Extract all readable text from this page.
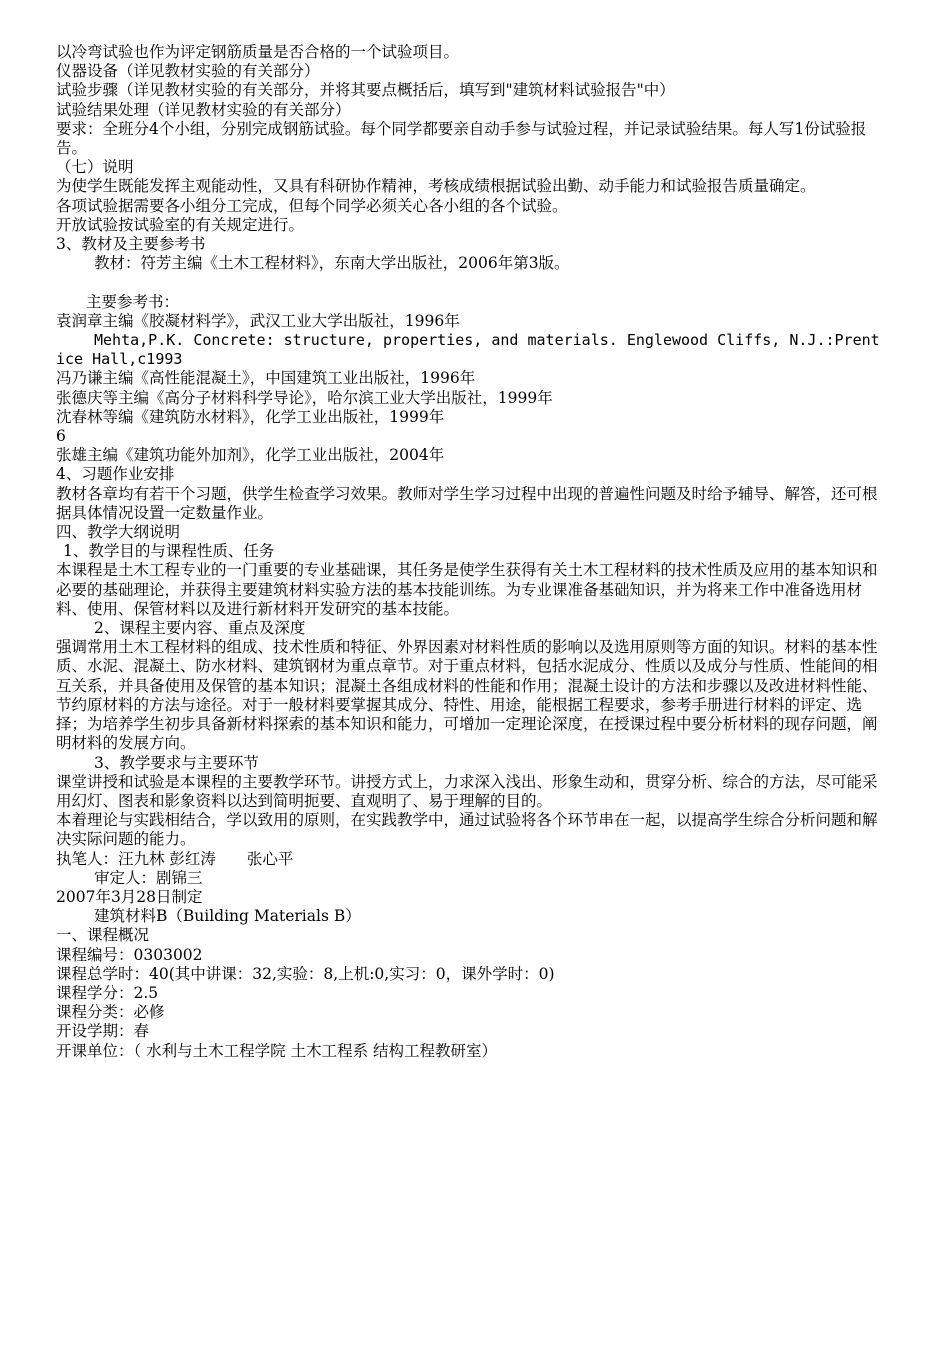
以冷弯试验也作为评定钢筋质量是否合格的一个试验项目。

仪器设备（详见教材实验的有关部分）

试验步骤（详见教材实验的有关部分，并将其要点概括后，填写到"建筑材料试验报告"中）

试验结果处理（详见教材实验的有关部分）

要求：全班分4个小组，分别完成钢筋试验。每个同学都要亲自动手参与试验过程，并记录试验结果。每人写1份试验报告。

（七）说明

为使学生既能发挥主观能动性，又具有科研协作精神，考核成绩根据试验出勤、动手能力和试验报告质量确定。

各项试验据需要各小组分工完成，但每个同学必须关心各小组的各个试验。

开放试验按试验室的有关规定进行。

3、教材及主要参考书

教材：符芳主编《土木工程材料》，东南大学出版社，2006年第3版。

主要参考书：

袁润章主编《胶凝材料学》，武汉工业大学出版社，1996年

Mehta,P.K. Concrete: structure, properties, and materials. Englewood Cliffs, N.J.:Prentice Hall,c1993

冯乃谦主编《高性能混凝土》，中国建筑工业出版社，1996年

张德庆等主编《高分子材料科学导论》，哈尔滨工业大学出版社，1999年

沈春林等编《建筑防水材料》，化学工业出版社，1999年

6

张雄主编《建筑功能外加剂》，化学工业出版社，2004年

4、习题作业安排

教材各章均有若干个习题，供学生检查学习效果。教师对学生学习过程中出现的普遍性问题及时给予辅导、解答，还可根据具体情况设置一定数量作业。

四、教学大纲说明

1、教学目的与课程性质、任务

本课程是土木工程专业的一门重要的专业基础课，其任务是使学生获得有关土木工程材料的技术性质及应用的基本知识和必要的基础理论，并获得主要建筑材料实验方法的基本技能训练。为专业课准备基础知识，并为将来工作中准备选用材料、使用、保管材料以及进行新材料开发研究的基本技能。

2、课程主要内容、重点及深度

强调常用土木工程材料的组成、技术性质和特征、外界因素对材料性质的影响以及选用原则等方面的知识。材料的基本性质、水泥、混凝土、防水材料、建筑钢材为重点章节。对于重点材料，包括水泥成分、性质以及成分与性质、性能间的相互关系，并具备使用及保管的基本知识；混凝土各组成材料的性能和作用；混凝土设计的方法和步骤以及改进材料性能、节约原材料的方法与途径。对于一般材料要掌握其成分、特性、用途，能根据工程要求，参考手册进行材料的评定、选择；为培养学生初步具备新材料探索的基本知识和能力，可增加一定理论深度，在授课过程中要分析材料的现存问题，阐明材料的发展方向。

3、教学要求与主要环节

课堂讲授和试验是本课程的主要教学环节。讲授方式上，力求深入浅出、形象生动和，贯穿分析、综合的方法，尽可能采用幻灯、图表和影象资料以达到简明扼要、直观明了、易于理解的目的。

本着理论与实践相结合，学以致用的原则，在实践教学中，通过试验将各个环节串在一起，以提高学生综合分析问题和解决实际问题的能力。

执笔人：汪九林 彭红涛　　张心平

审定人：剧锦三

2007年3月28日制定

建筑材料B（Building Materials B）

一、课程概况

课程编号：0303002

课程总学时：40(其中讲课：32,实验：8,上机:0,实习：0，课外学时：0)

课程学分：2.5

课程分类：必修

开设学期：春

开课单位：（ 水利与土木工程学院 土木工程系 结构工程教研室）
